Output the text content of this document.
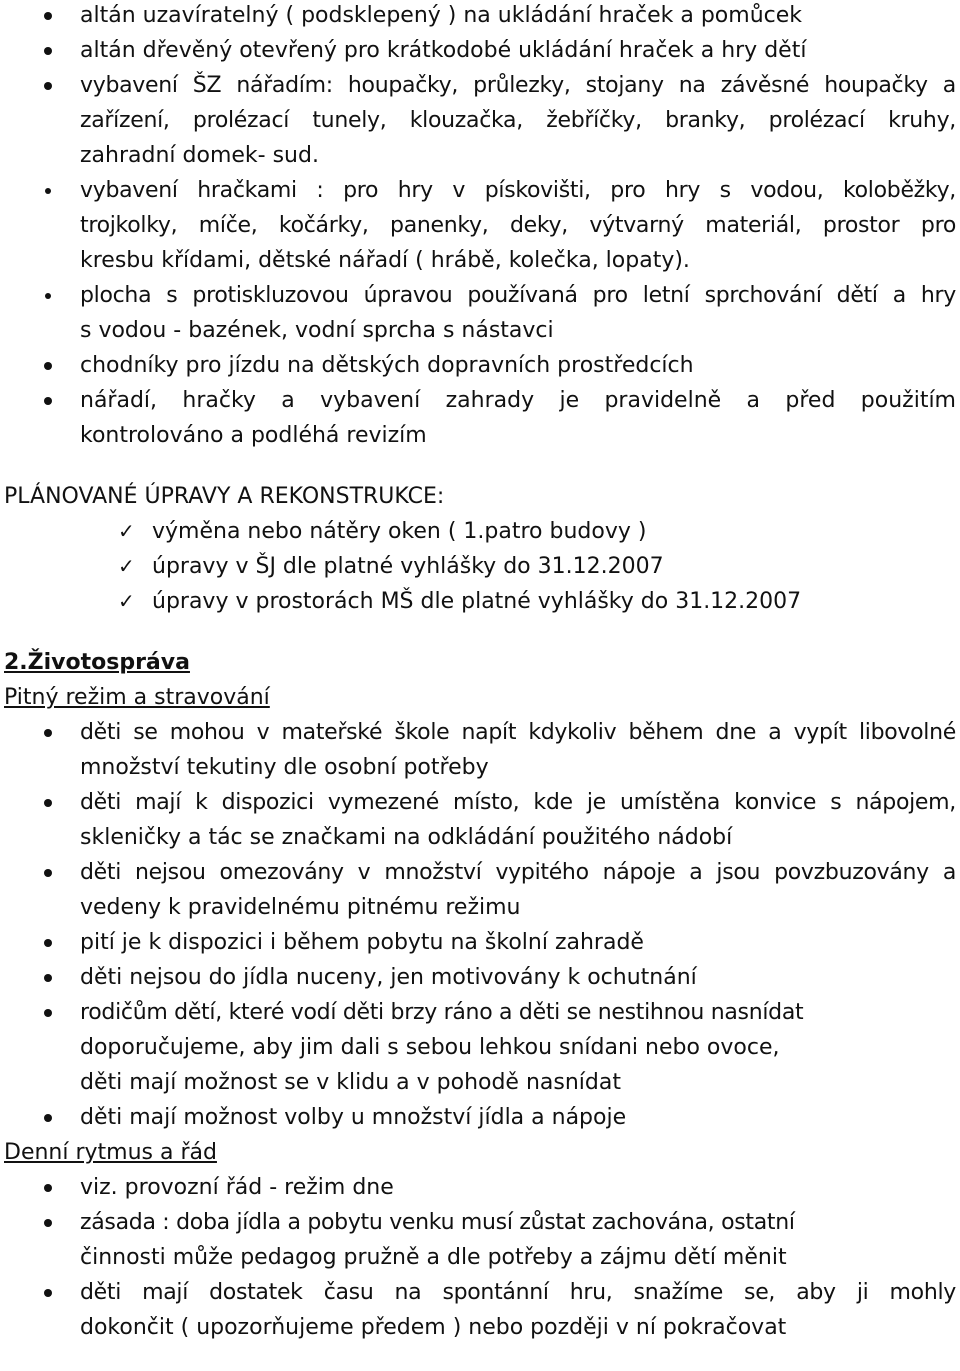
altán uzavíratelný ( podsklepený ) na ukládání hraček a pomůcek
altán dřevěný otevřený pro krátkodobé ukládání hraček a hry dětí
vybavení ŠZ nářadím: houpačky, průlezky, stojany na závěsné houpačky a
zařízení, prolézací tunely, klouzačka, žebříčky, branky, prolézací kruhy,
zahradní domek- sud.
vybavení hračkami : pro hry v pískovišti, pro hry s vodou, koloběžky,
trojkolky, míče, kočárky, panenky, deky, výtvarný materiál, prostor pro
kresbu křídami, dětské nářadí ( hrábě, kolečka, lopaty).
plocha s protiskluzovou úpravou používaná pro letní sprchování dětí a hry
s vodou - bazének, vodní sprcha s nástavci
chodníky pro jízdu na dětských dopravních prostředcích
nářadí, hračky a vybavení zahrady je pravidelně a před použitím
kontrolováno a podléhá revizím
PLÁNOVANÉ ÚPRAVY A REKONSTRUKCE:
✓ výměna nebo nátěry oken ( 1.patro budovy )
✓ úpravy v ŠJ dle platné vyhlášky do 31.12.2007
✓ úpravy v prostorách MŠ dle platné vyhlášky do 31.12.2007
2.Životospráva
Pitný režim a stravování
děti se mohou v mateřské škole napít kdykoliv během dne a vypít libovolné
množství tekutiny dle osobní potřeby
děti mají k dispozici vymezené místo, kde je umístěna konvice s nápojem,
skleničky a tác se značkami na odkládání použitého nádobí
děti nejsou omezovány v množství vypitého nápoje a jsou povzbuzovány a
vedeny k pravidelnému pitnému režimu
pití je k dispozici i během pobytu na školní zahradě
děti nejsou do jídla nuceny, jen motivovány k ochutnání
rodičům dětí, které vodí děti brzy ráno a děti se nestihnou nasnídat
doporučujeme, aby jim dali s sebou lehkou snídani nebo ovoce,
děti mají možnost se v klidu a v pohodě nasnídat
děti mají možnost volby u množství jídla a nápoje
Denní rytmus a řád
viz. provozní řád - režim dne
zásada : doba jídla a pobytu venku musí zůstat zachována, ostatní
činnosti může pedagog pružně a dle potřeby a zájmu dětí měnit
děti mají dostatek času na spontánní hru, snažíme se, aby ji mohly
dokončit ( upozorňujeme předem ) nebo později v ní pokračovat
